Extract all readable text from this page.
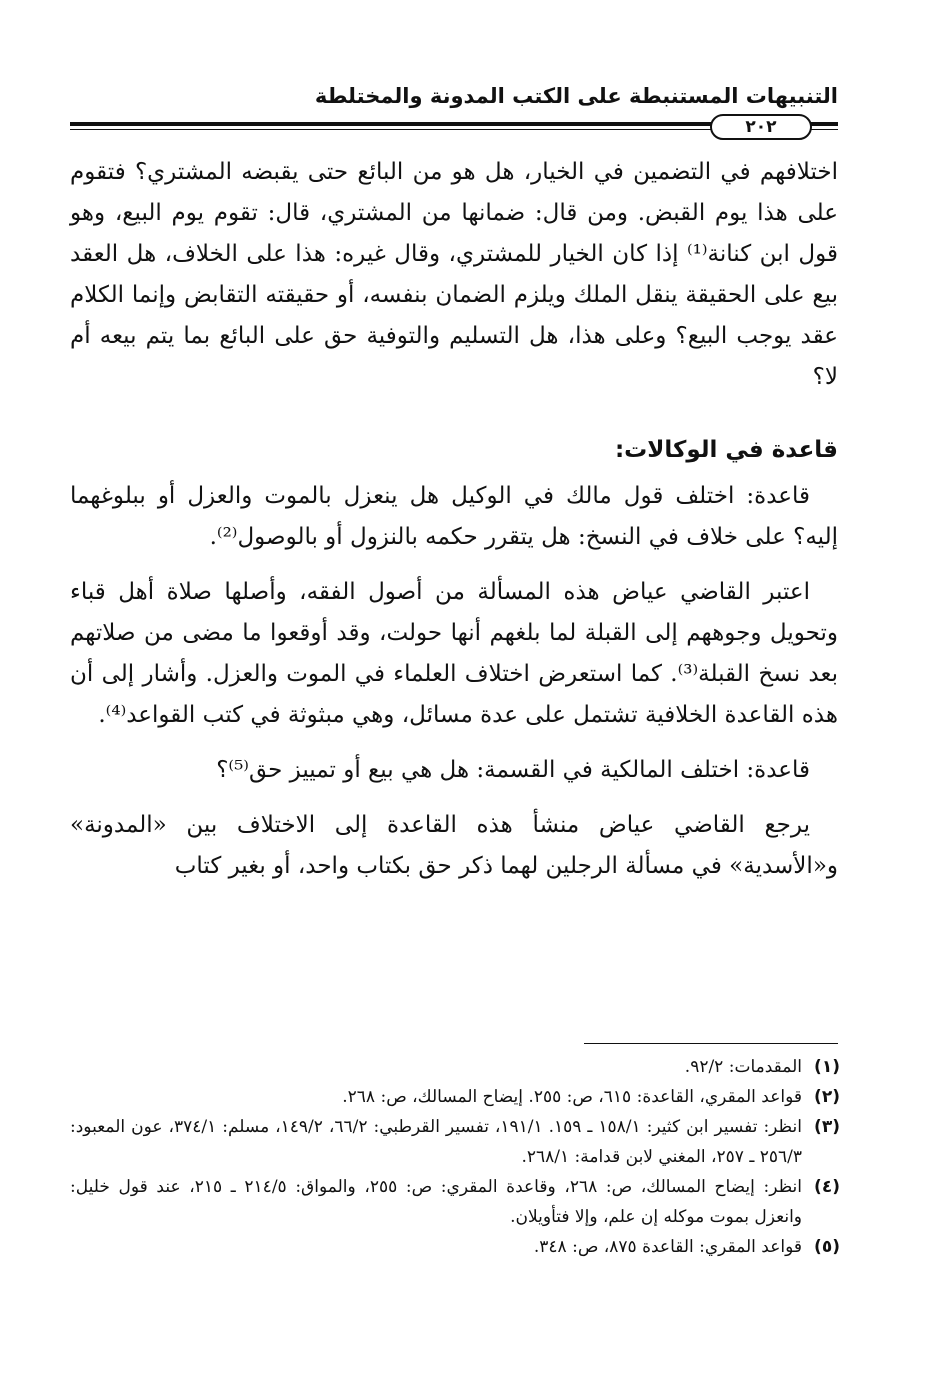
التنبيهات المستنبطة على الكتب المدونة والمختلطة
٢٠٢

اختلافهم في التضمين في الخيار، هل هو من البائع حتى يقبضه المشتري؟ فتقوم على هذا يوم القبض. ومن قال: ضمانها من المشتري، قال: تقوم يوم البيع، وهو قول ابن كنانة⁽¹⁾ إذا كان الخيار للمشتري، وقال غيره: هذا على الخلاف، هل العقد بيع على الحقيقة ينقل الملك ويلزم الضمان بنفسه، أو حقيقته التقابض وإنما الكلام عقد يوجب البيع؟ وعلى هذا، هل التسليم والتوفية حق على البائع بما يتم بيعه أم لا؟

قاعدة في الوكالات:

قاعدة: اختلف قول مالك في الوكيل هل ينعزل بالموت والعزل أو ببلوغهما إليه؟ على خلاف في النسخ: هل يتقرر حكمه بالنزول أو بالوصول⁽²⁾.

اعتبر القاضي عياض هذه المسألة من أصول الفقه، وأصلها صلاة أهل قباء وتحويل وجوههم إلى القبلة لما بلغهم أنها حولت، وقد أوقعوا ما مضى من صلاتهم بعد نسخ القبلة⁽³⁾. كما استعرض اختلاف العلماء في الموت والعزل. وأشار إلى أن هذه القاعدة الخلافية تشتمل على عدة مسائل، وهي مبثوثة في كتب القواعد⁽⁴⁾.

قاعدة: اختلف المالكية في القسمة: هل هي بيع أو تمييز حق⁽⁵⁾؟

يرجع القاضي عياض منشأ هذه القاعدة إلى الاختلاف بين «المدونة» و«الأسدية» في مسألة الرجلين لهما ذكر حق بكتاب واحد، أو بغير كتاب

(١)
المقدمات: ٩٢/٢.
(٢)
قواعد المقري، القاعدة: ٦١٥، ص: ٢٥٥. إيضاح المسالك، ص: ٢٦٨.
(٣)
انظر: تفسير ابن كثير: ١٥٨/١ ـ ١٥٩. ١٩١/١، تفسير القرطبي: ٦٦/٢، ١٤٩/٢، مسلم: ٣٧٤/١، عون المعبود: ٢٥٦/٣ ـ ٢٥٧، المغني لابن قدامة: ٢٦٨/١.
(٤)
انظر: إيضاح المسالك، ص: ٢٦٨، وقاعدة المقري: ص: ٢٥٥، والمواق: ٢١٤/٥ ـ ٢١٥، عند قول خليل: وانعزل بموت موكله إن علم، وإلا فتأويلان.
(٥)
قواعد المقري: القاعدة ٨٧٥، ص: ٣٤٨.
